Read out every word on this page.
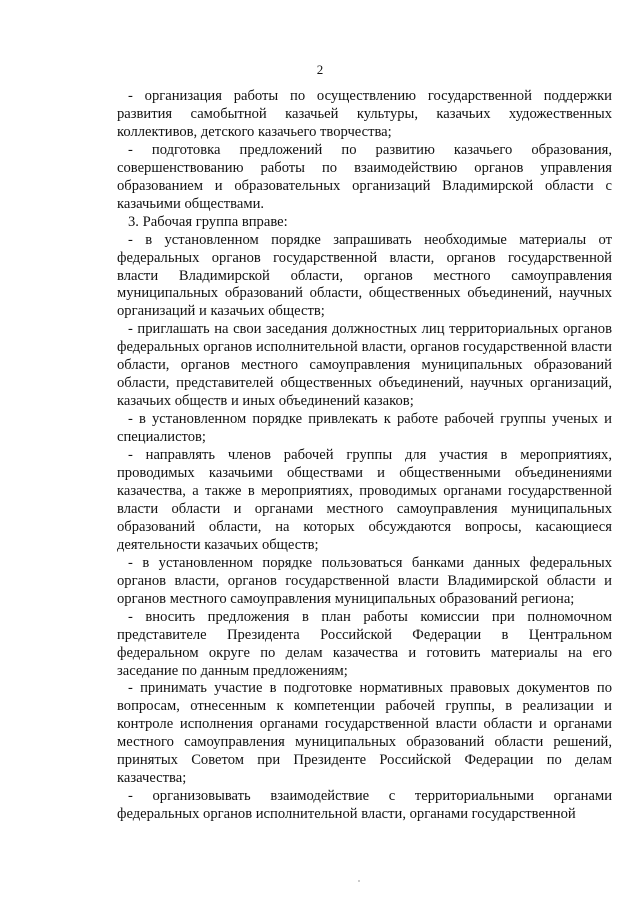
2

- организация работы по осуществлению государственной поддержки развития самобытной казачьей культуры, казачьих художественных коллективов, детского казачьего творчества;

- подготовка предложений по развитию казачьего образования, совершенствованию работы по взаимодействию органов управления образованием и образовательных организаций Владимирской области с казачьими обществами.

3. Рабочая группа вправе:

- в установленном порядке запрашивать необходимые материалы от федеральных органов государственной власти, органов государственной власти Владимирской области, органов местного самоуправления муниципальных образований области, общественных объединений, научных организаций и казачьих обществ;

- приглашать на свои заседания должностных лиц территориальных органов федеральных органов исполнительной власти, органов государственной власти области, органов местного самоуправления муниципальных образований области, представителей общественных объединений, научных организаций, казачьих обществ и иных объединений казаков;

- в установленном порядке привлекать к работе рабочей группы ученых и специалистов;

- направлять членов рабочей группы для участия в мероприятиях, проводимых казачьими обществами и общественными объединениями казачества, а также в мероприятиях, проводимых органами государственной власти области и органами местного самоуправления муниципальных образований области, на которых обсуждаются вопросы, касающиеся деятельности казачьих обществ;

- в установленном порядке пользоваться банками данных федеральных органов власти, органов государственной власти Владимирской области и органов местного самоуправления муниципальных образований региона;

- вносить предложения в план работы комиссии при полномочном представителе Президента Российской Федерации в Центральном федеральном округе по делам казачества и готовить материалы на его заседание по данным предложениям;

- принимать участие в подготовке нормативных правовых документов по вопросам, отнесенным к компетенции рабочей группы, в реализации и контроле исполнения органами государственной власти области и органами местного самоуправления муниципальных образований области решений, принятых Советом при Президенте Российской Федерации по делам казачества;

- организовывать взаимодействие с территориальными органами федеральных органов исполнительной власти, органами государственной
